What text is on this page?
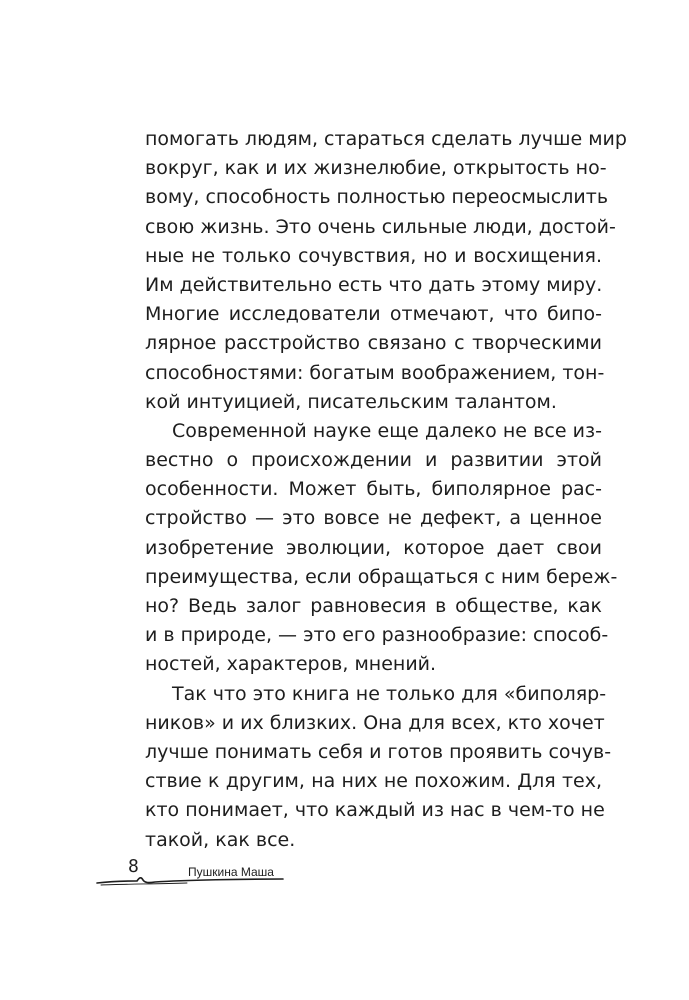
помогать людям, стараться сделать лучше мир
вокруг, как и их жизнелюбие, открытость но-
вому, способность полностью переосмыслить
свою жизнь. Это очень сильные люди, достой-
ные не только сочувствия, но и восхищения.
Им действительно есть что дать этому миру.
Многие исследователи отмечают, что бипо-
лярное расстройство связано с творческими
способностями: богатым воображением, тон-
кой интуицией, писательским талантом.
Современной науке еще далеко не все из-
вестно о происхождении и развитии этой
особенности. Может быть, биполярное рас-
стройство — это вовсе не дефект, а ценное
изобретение эволюции, которое дает свои
преимущества, если обращаться с ним береж-
но? Ведь залог равновесия в обществе, как
и в природе, — это его разнообразие: способ-
ностей, характеров, мнений.
Так что это книга не только для «биполяр-
ников» и их близких. Она для всех, кто хочет
лучше понимать себя и готов проявить сочув-
ствие к другим, на них не похожим. Для тех,
кто понимает, что каждый из нас в чем-то не
такой, как все.
8	Пушкина Маша
